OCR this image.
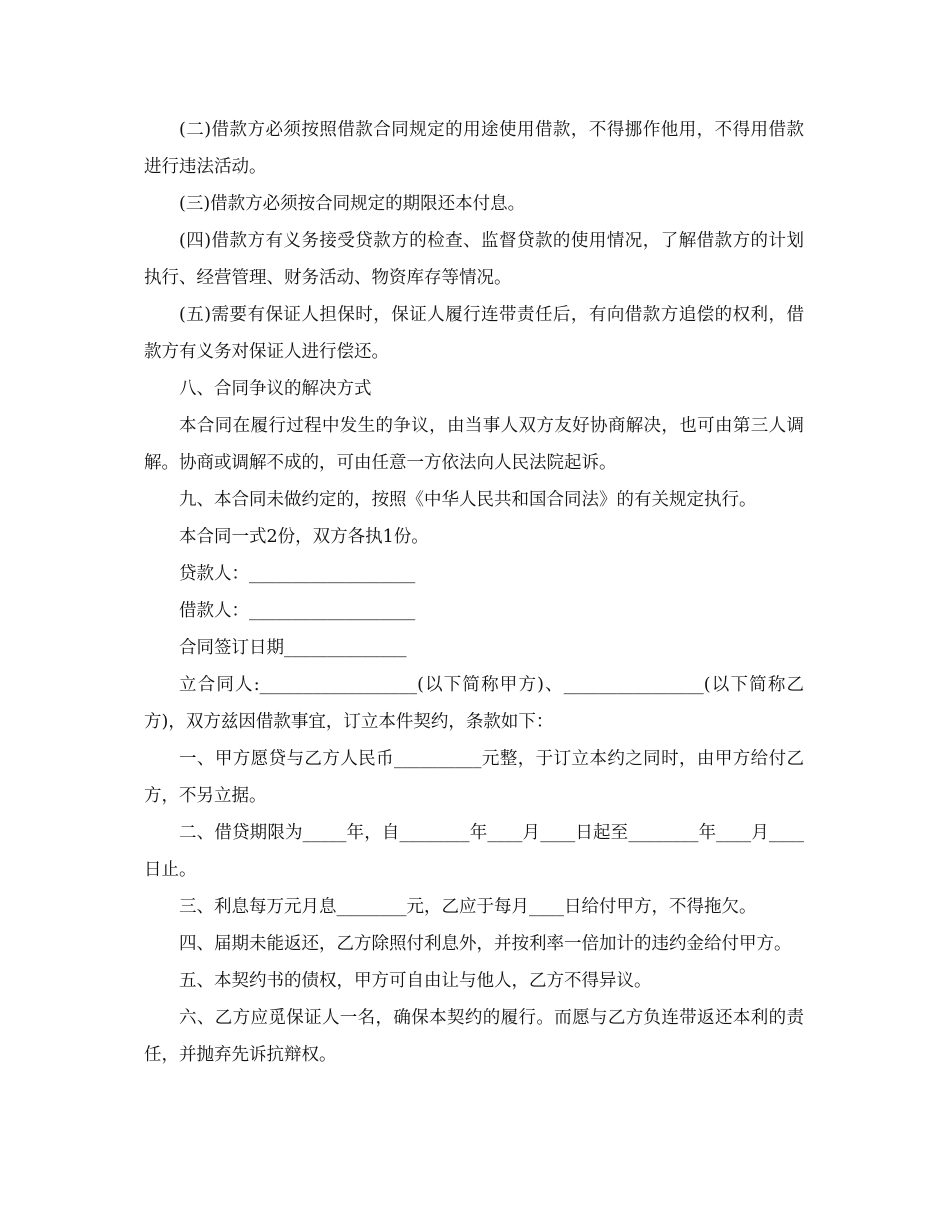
(二)借款方必须按照借款合同规定的用途使用借款，不得挪作他用，不得用借款进行违法活动。

(三)借款方必须按合同规定的期限还本付息。

(四)借款方有义务接受贷款方的检查、监督贷款的使用情况，了解借款方的计划执行、经营管理、财务活动、物资库存等情况。

(五)需要有保证人担保时，保证人履行连带责任后，有向借款方追偿的权利，借款方有义务对保证人进行偿还。

八、合同争议的解决方式

本合同在履行过程中发生的争议，由当事人双方友好协商解决，也可由第三人调解。协商或调解不成的，可由任意一方依法向人民法院起诉。

九、本合同未做约定的，按照《中华人民共和国合同法》的有关规定执行。

本合同一式2份，双方各执1份。

贷款人：___________________

借款人：___________________

合同签订日期______________

立合同人:__________________(以下简称甲方)、________________(以下简称乙方)，双方兹因借款事宜，订立本件契约，条款如下：

一、甲方愿贷与乙方人民币__________元整，于订立本约之同时，由甲方给付乙方，不另立据。

二、借贷期限为_____年，自________年____月____日起至________年____月____日止。

三、利息每万元月息________元，乙应于每月____日给付甲方，不得拖欠。

四、届期未能返还，乙方除照付利息外，并按利率一倍加计的违约金给付甲方。

五、本契约书的债权，甲方可自由让与他人，乙方不得异议。

六、乙方应觅保证人一名，确保本契约的履行。而愿与乙方负连带返还本利的责任，并抛弃先诉抗辩权。
